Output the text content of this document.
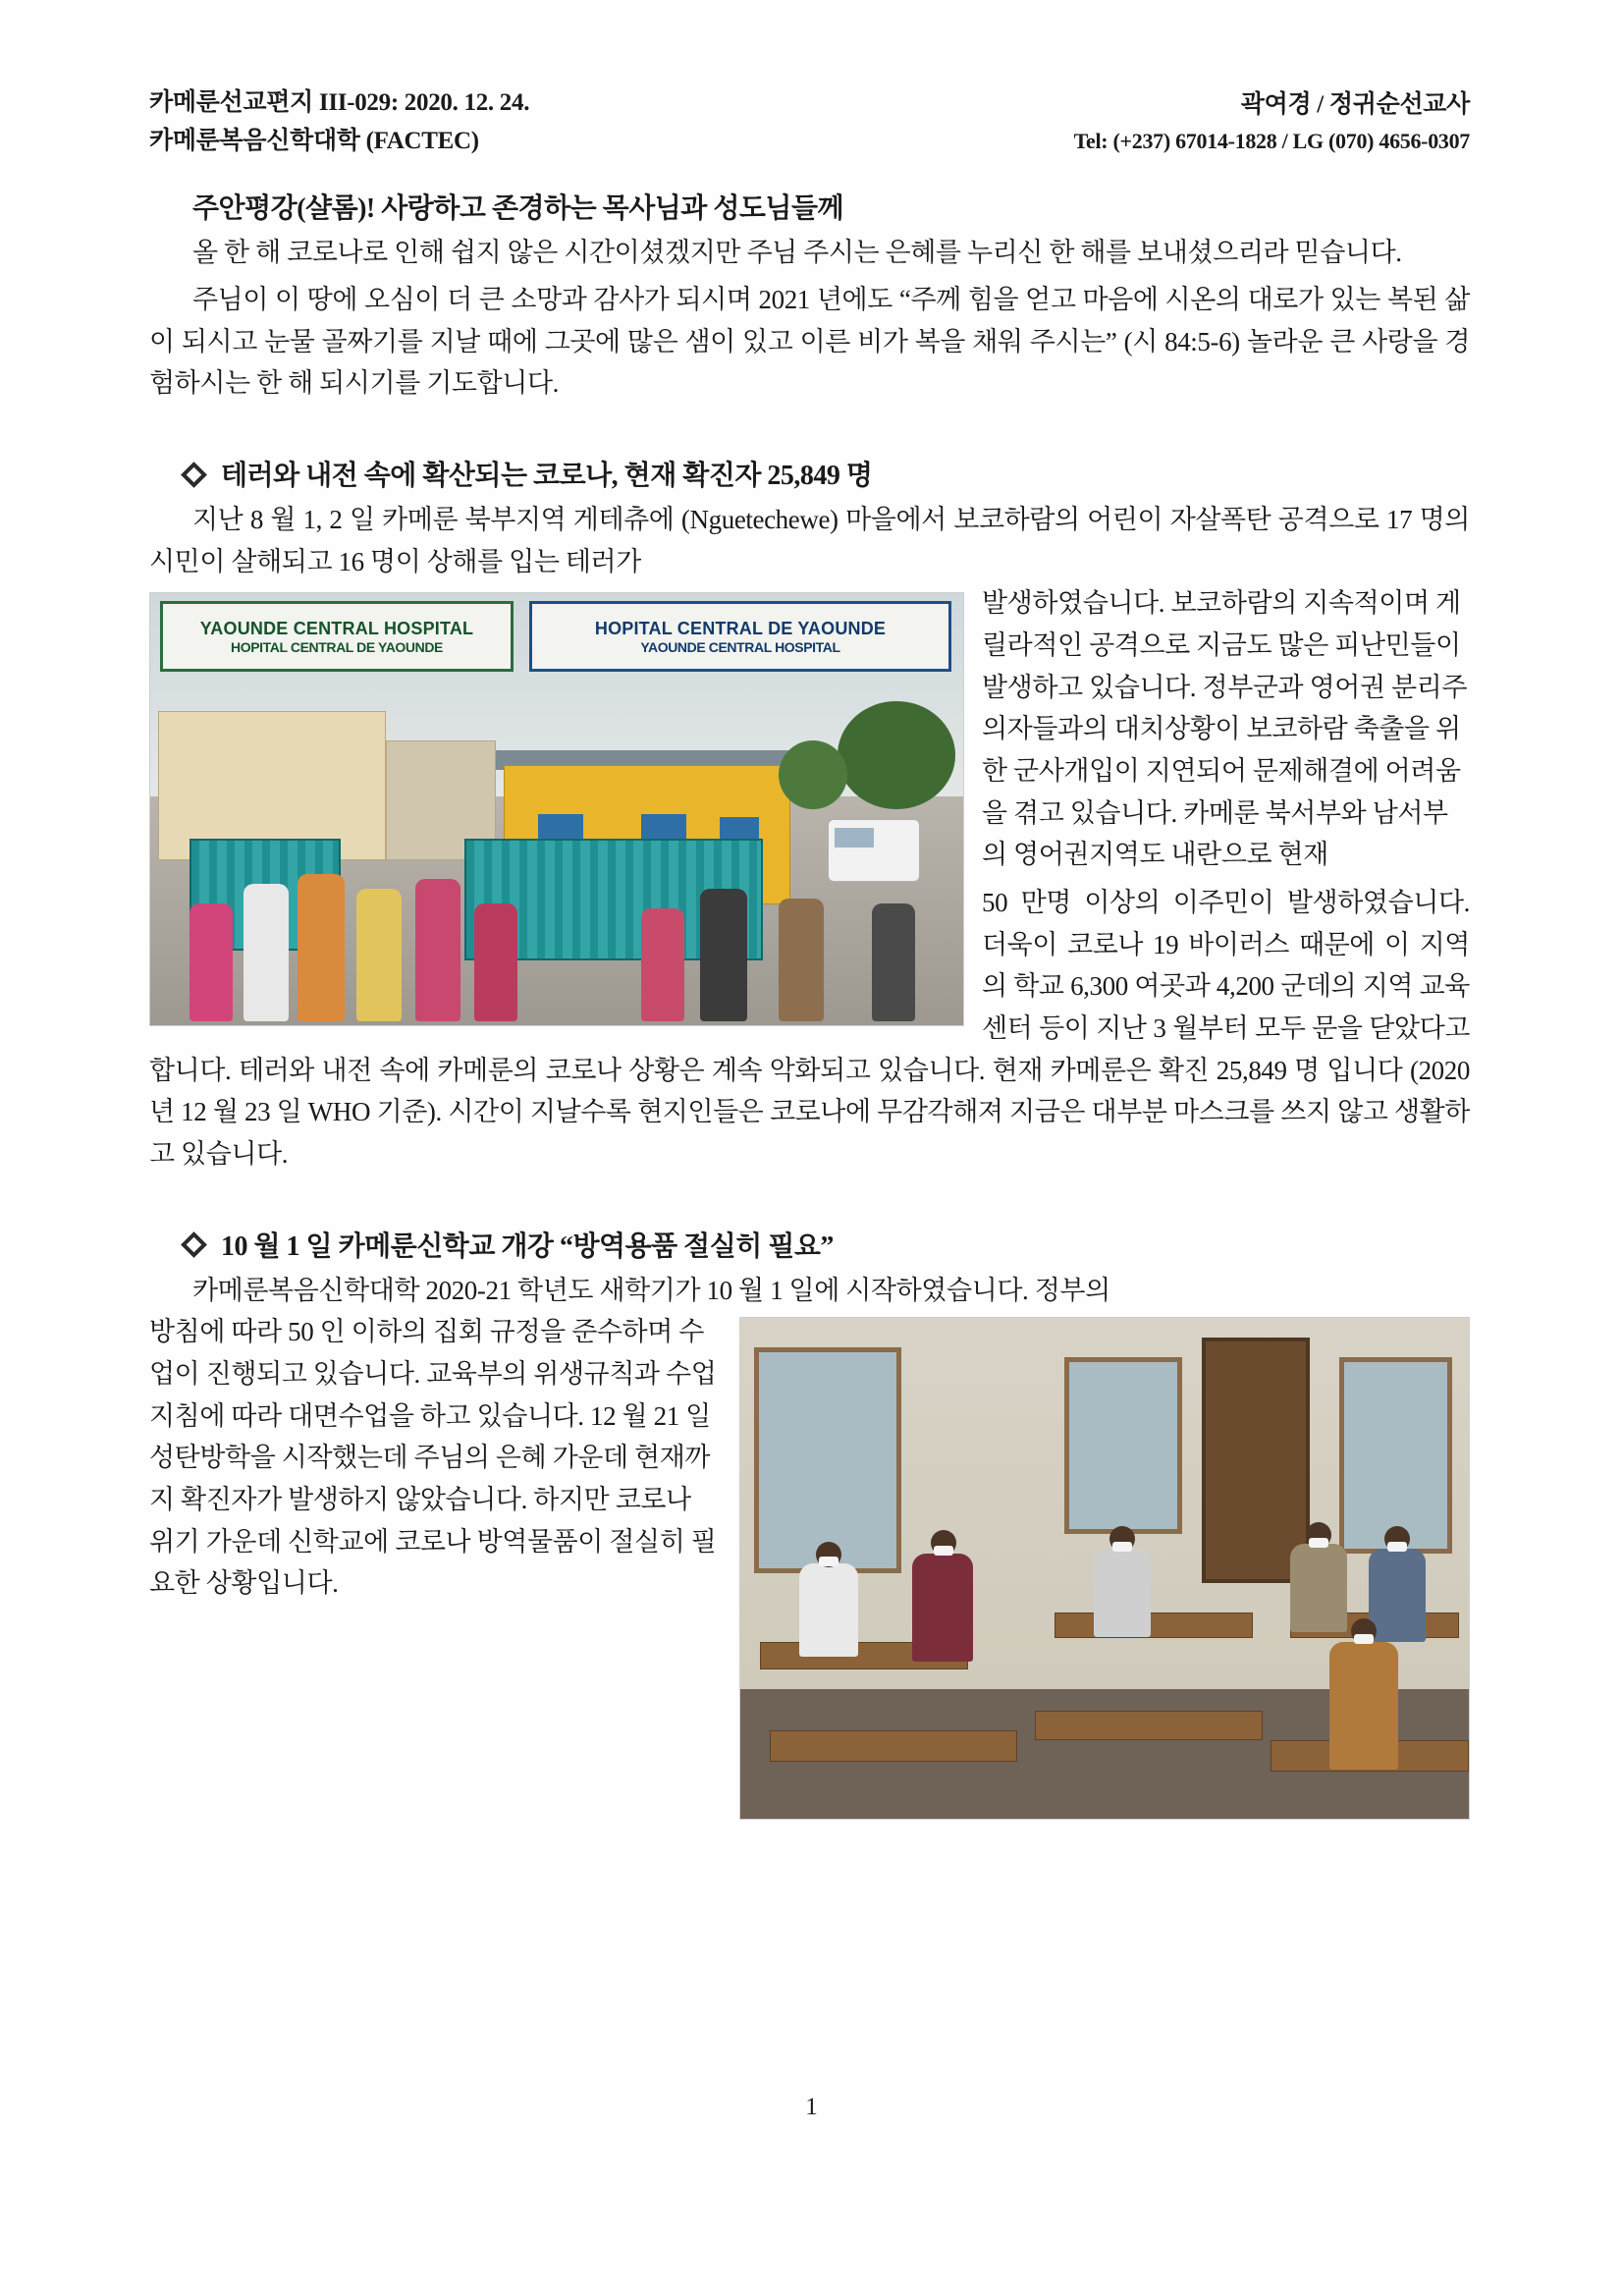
카메룬선교편지 III-029: 2020. 12. 24.
카메룬복음신학대학 (FACTEC)
곽여경 / 정귀순선교사
Tel: (+237) 67014-1828 / LG (070) 4656-0307
주안평강(샬롬)! 사랑하고 존경하는 목사님과 성도님들께

올 한 해 코로나로 인해 쉽지 않은 시간이셨겠지만 주님 주시는 은혜를 누리신 한 해를 보내셨으리라 믿습니다.

주님이 이 땅에 오심이 더 큰 소망과 감사가 되시며 2021 년에도 “주께 힘을 얻고 마음에 시온의 대로가 있는 복된 삶이 되시고 눈물 골짜기를 지날 때에 그곳에 많은 샘이 있고 이른 비가 복을 채워 주시는” (시 84:5-6) 놀라운 큰 사랑을 경험하시는 한 해 되시기를 기도합니다.

테러와 내전 속에 확산되는 코로나, 현재 확진자 25,849 명

지난 8 월 1, 2 일 카메룬 북부지역 게테츄에 (Nguetechewe) 마을에서 보코하람의 어린이 자살폭탄 공격으로 17 명의 시민이 살해되고 16 명이 상해를 입는 테러가

YAOUNDE CENTRAL HOSPITAL
HOPITAL CENTRAL DE YAOUNDE
HOPITAL CENTRAL DE YAOUNDE
YAOUNDE CENTRAL HOSPITAL
발생하였습니다. 보코하람의 지속적이며 게릴라적인 공격으로 지금도 많은 피난민들이 발생하고 있습니다. 정부군과 영어권 분리주의자들과의 대치상황이 보코하람 축출을 위한 군사개입이 지연되어 문제해결에 어려움을 겪고 있습니다. 카메룬 북서부와 남서부의 영어권지역도 내란으로 현재

50 만명 이상의 이주민이 발생하였습니다. 더욱이 코로나 19 바이러스 때문에 이 지역의 학교 6,300 여곳과 4,200 군데의 지역 교육센터 등이 지난 3 월부터 모두 문을 닫았다고 합니다. 테러와 내전 속에 카메룬의 코로나 상황은 계속 악화되고 있습니다. 현재 카메룬은 확진 25,849 명 입니다 (2020 년 12 월 23 일 WHO 기준). 시간이 지날수록 현지인들은 코로나에 무감각해져 지금은 대부분 마스크를 쓰지 않고 생활하고 있습니다.

10 월 1 일 카메룬신학교 개강 “방역용품 절실히 필요”

카메룬복음신학대학 2020-21 학년도 새학기가 10 월 1 일에 시작하였습니다. 정부의

방침에 따라 50 인 이하의 집회 규정을 준수하며 수업이 진행되고 있습니다. 교육부의 위생규칙과 수업지침에 따라 대면수업을 하고 있습니다. 12 월 21 일 성탄방학을 시작했는데 주님의 은혜 가운데 현재까지 확진자가 발생하지 않았습니다. 하지만 코로나 위기 가운데 신학교에 코로나 방역물품이 절실히 필요한 상황입니다.
1
